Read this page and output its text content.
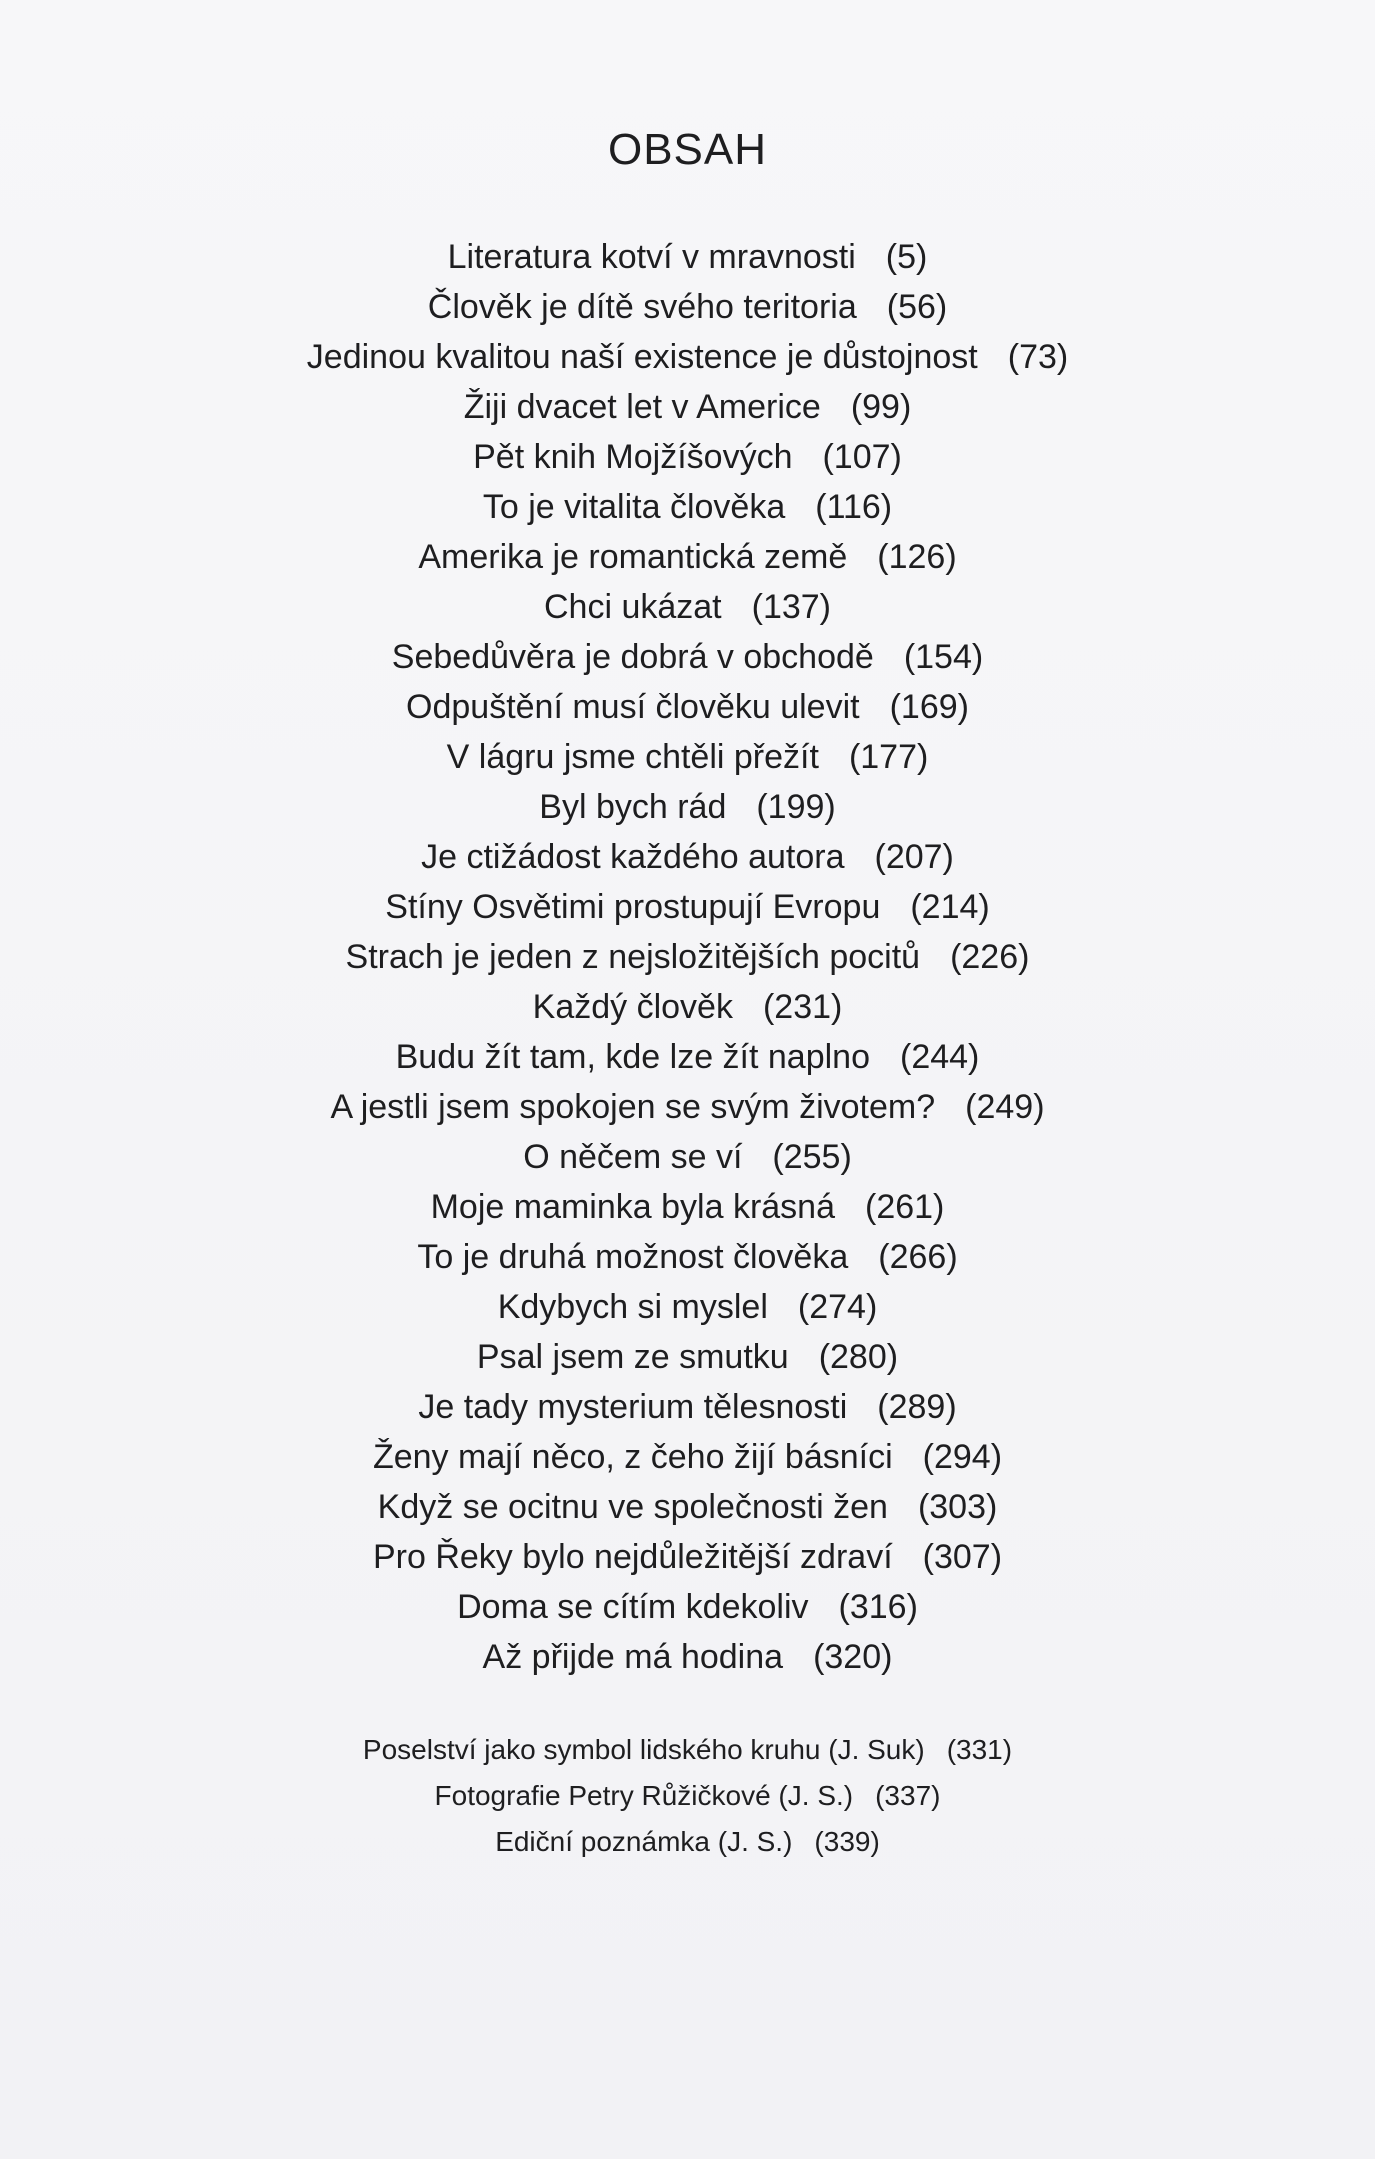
OBSAH
Literatura kotví v mravnosti (5)
Člověk je dítě svého teritoria (56)
Jedinou kvalitou naší existence je důstojnost (73)
Žiji dvacet let v Americe (99)
Pět knih Mojžíšových (107)
To je vitalita člověka (116)
Amerika je romantická země (126)
Chci ukázat (137)
Sebedůvěra je dobrá v obchodě (154)
Odpuštění musí člověku ulevit (169)
V lágru jsme chtěli přežít (177)
Byl bych rád (199)
Je ctižádost každého autora (207)
Stíny Osvětimi prostupují Evropu (214)
Strach je jeden z nejsložitějších pocitů (226)
Každý člověk (231)
Budu žít tam, kde lze žít naplno (244)
A jestli jsem spokojen se svým životem? (249)
O něčem se ví (255)
Moje maminka byla krásná (261)
To je druhá možnost člověka (266)
Kdybych si myslel (274)
Psal jsem ze smutku (280)
Je tady mysterium tělesnosti (289)
Ženy mají něco, z čeho žijí básníci (294)
Když se ocitnu ve společnosti žen (303)
Pro Řeky bylo nejdůležitější zdraví (307)
Doma se cítím kdekoliv (316)
Až přijde má hodina (320)
Poselství jako symbol lidského kruhu (J. Suk) (331)
Fotografie Petry Růžičkové (J. S.) (337)
Ediční poznámka (J. S.) (339)
